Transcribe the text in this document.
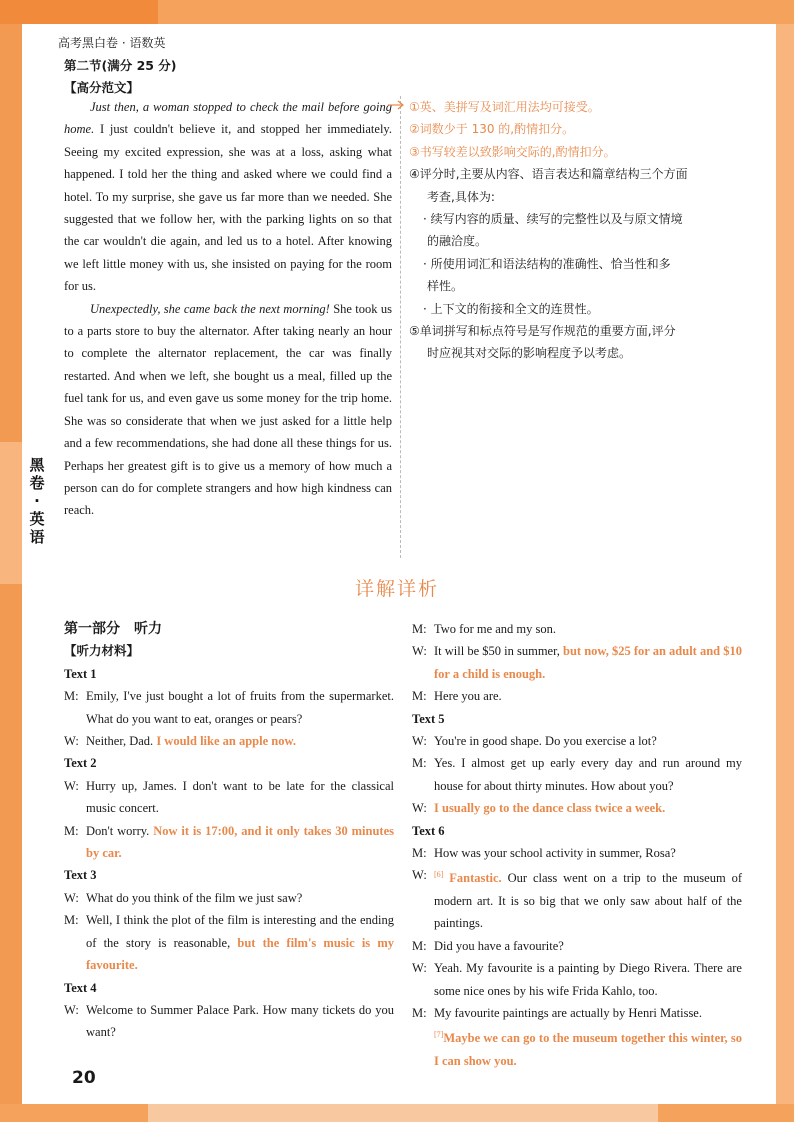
黑
卷
·
英
语
高考黑白卷 · 语数英
第二节(满分 25 分)
【高分范文】

Just then, a woman stopped to check the mail before going home. I just couldn't believe it, and stopped her immediately. Seeing my excited expression, she was at a loss, asking what happened. I told her the thing and asked where we could find a hotel. To my surprise, she gave us far more than we needed. She suggested that we follow her, with the parking lights on so that the car wouldn't die again, and led us to a hotel. After knowing we left little money with us, she insisted on paying for the room for us.

Unexpectedly, she came back the next morning! She took us to a parts store to buy the alternator. After taking nearly an hour to complete the alternator replacement, the car was finally restarted. And when we left, she bought us a meal, filled up the fuel tank for us, and even gave us some money for the trip home. She was so considerate that when we just asked for a little help and a few recommendations, she had done all these things for us. Perhaps her greatest gift is to give us a memory of how much a person can do for complete strangers and how high kindness can reach.

①英、美拼写及词汇用法均可接受。
②词数少于 130 的,酌情扣分。
③书写较差以致影响交际的,酌情扣分。
④评分时,主要从内容、语言表达和篇章结构三个方面
考查,具体为:
· 续写内容的质量、续写的完整性以及与原文情境
的融洽度。
· 所使用词汇和语法结构的准确性、恰当性和多
样性。
· 上下文的衔接和全文的连贯性。
⑤单词拼写和标点符号是写作规范的重要方面,评分
时应视其对交际的影响程度予以考虑。
详解详析
第一部分　听力
【听力材料】
Text 1
M: Emily, I've just bought a lot of fruits from the supermarket. What do you want to eat, oranges or pears?
W: Neither, Dad. I would like an apple now.
Text 2
W: Hurry up, James. I don't want to be late for the classical music concert.
M: Don't worry. Now it is 17:00, and it only takes 30 minutes by car.
Text 3
W: What do you think of the film we just saw?
M: Well, I think the plot of the film is interesting and the ending of the story is reasonable, but the film's music is my favourite.
Text 4
W: Welcome to Summer Palace Park. How many tickets do you want?
M: Two for me and my son.
W: It will be $50 in summer, but now, $25 for an adult and $10 for a child is enough.
M: Here you are.
Text 5
W: You're in good shape. Do you exercise a lot?
M: Yes. I almost get up early every day and run around my house for about thirty minutes. How about you?
W: I usually go to the dance class twice a week.
Text 6
M: How was your school activity in summer, Rosa?
W: [6] Fantastic. Our class went on a trip to the museum of modern art. It is so big that we only saw about half of the paintings.
M: Did you have a favourite?
W: Yeah. My favourite is a painting by Diego Rivera. There are some nice ones by his wife Frida Kahlo, too.
M: My favourite paintings are actually by Henri Matisse.
[7]Maybe we can go to the museum together this winter, so I can show you.
20
